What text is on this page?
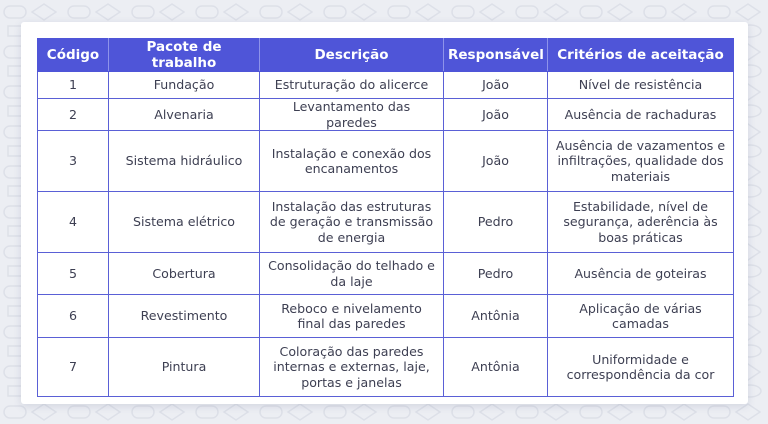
Código	Pacote de trabalho	Descrição	Responsável	Critérios de aceitação
1	Fundação	Estruturação do alicerce	João	Nível de resistência
2	Alvenaria	Levantamento das paredes	João	Ausência de rachaduras
3	Sistema hidráulico	Instalação e conexão dos encanamentos	João	Ausência de vazamentos e infiltrações, qualidade dos materiais
4	Sistema elétrico	Instalação das estruturas de geração e transmissão de energia	Pedro	Estabilidade, nível de segurança, aderência às boas práticas
5	Cobertura	Consolidação do telhado e da laje	Pedro	Ausência de goteiras
6	Revestimento	Reboco e nivelamento final das paredes	Antônia	Aplicação de várias camadas
7	Pintura	Coloração das paredes internas e externas, laje, portas e janelas	Antônia	Uniformidade e correspondência da cor
